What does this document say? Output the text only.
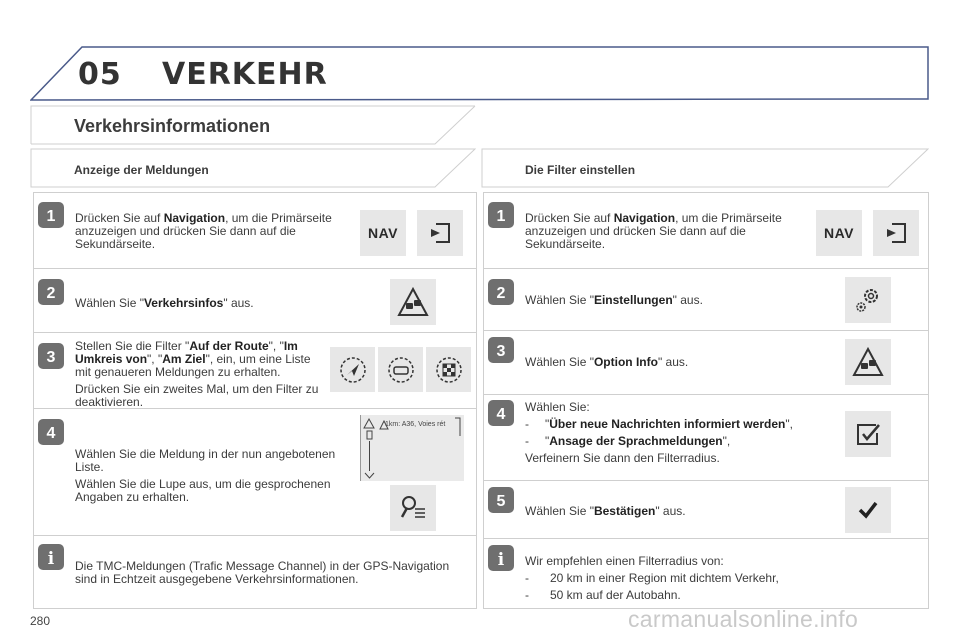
05 VERKEHR
Verkehrsinformationen
Anzeige der Meldungen	Die Filter einstellen
1 Drücken Sie auf Navigation, um die Primärseite anzuzeigen und drücken Sie dann auf die Sekundärseite.
NAV
2
Wählen Sie "Verkehrsinfos" aus.
3

Stellen Sie die Filter "Auf der Route", "Im Umkreis von", "Am Ziel", ein, um eine Liste mit genaueren Meldungen zu erhalten.

Drücken Sie ein zweites Mal, um den Filter zu deaktivieren.

4

Wählen Sie die Meldung in der nun angebotenen Liste.

Wählen Sie die Lupe aus, um die gesprochenen Angaben zu erhalten.

1km: A36, Voies rét
i Die TMC-Meldungen (Trafic Message Channel) in der GPS-Navigation sind in Echtzeit ausgegebene Verkehrsinformationen.
1 Drücken Sie auf Navigation, um die Primärseite anzuzeigen und drücken Sie dann auf die Sekundärseite.
NAV
2 Wählen Sie "Einstellungen" aus.
3
Wählen Sie "Option Info" aus.
4 Wählen Sie:

-	"Über neue Nachrichten informiert werden",
-	"Ansage der Sprachmeldungen",

Verfeinern Sie dann den Filterradius.

5
Wählen Sie "Bestätigen" aus.
i Wir empfehlen einen Filterradius von:

-	20 km in einer Region mit dichtem Verkehr,
-	50 km auf der Autobahn.
280	carmanualsonline.info
